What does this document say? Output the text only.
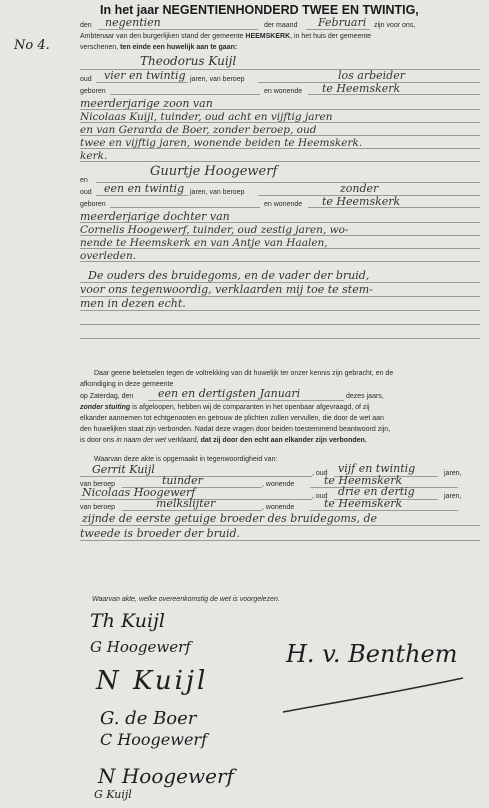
No 4.
In het jaar NEGENTIENHONDERD TWEE EN TWINTIG,
den negentien	der maand Februari zijn voor ons,
Ambtenaar van den burgerlijken stand der gemeente HEEMSKERK, in het huis der gemeente
verschenen, ten einde een huwelijk aan te gaan:
Theodorus Kuijl
oud vier en twintig jaren, van beroep	los arbeider
geboren	en wonende te Heemskerk
meerderjarige zoon van
Nicolaas Kuijl, tuinder, oud acht en vijftig jaren
en van Gerarda de Boer, zonder beroep, oud
twee en vijftig jaren, wonende beiden te Heemskerk.
kerk.
en
Guurtje Hoogewerf
oud een en twintig jaren, van beroep	zonder
geboren	en wonende te Heemskerk
meerderjarige dochter van
Cornelis Hoogewerf, tuinder, oud zestig jaren, wo-
nende te Heemskerk en van Antje van Haalen,
overleden.
De ouders des bruidegoms, en de vader der bruid,
voor ons tegenwoordig, verklaarden mij toe te stem-
men in dezen echt.
Daar geene beletselen tegen de voltrekking van dit huwelijk ter onzer kennis zijn gebracht, en de
afkondiging in deze gemeente
op Zaterdag, den een en dertigsten Januari	dezes jaars,
zonder stuiting is afgeloopen, hebben wij de comparanten in het openbaar afgevraagd, of zij
elkander aannemen tot echtgenooten en getrouw de plichten zullen vervullen, die door de wet aan
den huwelijken staat zijn verbonden. Nadat deze vragen door beiden toestemmend beantwoord zijn,
is door ons in naam der wet verklaard, dat zij door den echt aan elkander zijn verbonden.
Waarvan deze akte is opgemaakt in tegenwoordigheid van:
Gerrit Kuijl	, oud vijf en twintig	jaren,
van beroep	tuinder	, wonende	te Heemskerk
Nicolaas Hoogewerf	, oud drie en dertig	jaren,
van beroep	melkslijter	, wonende	te Heemskerk
zijnde de eerste getuige broeder des bruidegoms, de
tweede is broeder der bruid.
Waarvan akte, welke overeenkomstig de wet is voorgelezen.
Th Kuijl
G Hoogewerf
N Kuijl
G. de Boer
C Hoogewerf
N Hoogewerf
G Kuijl
H. v. Benthem
